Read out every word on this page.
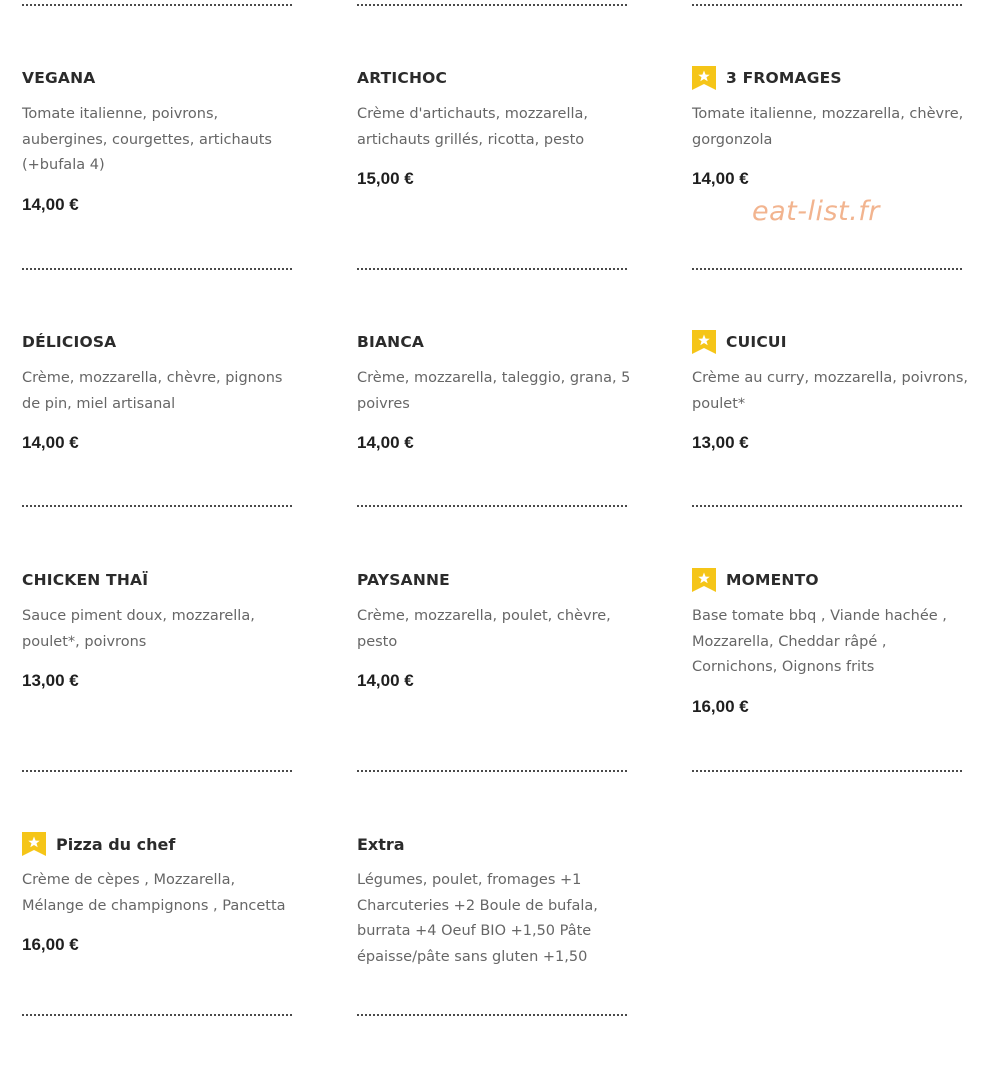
VEGANA
Tomate italienne, poivrons, aubergines, courgettes, artichauts (+bufala 4)
14,00 €
ARTICHOC
Crème d'artichauts, mozzarella, artichauts grillés, ricotta, pesto
15,00 €
3 FROMAGES
Tomate italienne, mozzarella, chèvre, gorgonzola
14,00 €
DÉLICIOSA
Crème, mozzarella, chèvre, pignons de pin, miel artisanal
14,00 €
BIANCA
Crème, mozzarella, taleggio, grana, 5 poivres
14,00 €
CUICUI
Crème au curry, mozzarella, poivrons, poulet*
13,00 €
CHICKEN THAÏ
Sauce piment doux, mozzarella, poulet*, poivrons
13,00 €
PAYSANNE
Crème, mozzarella, poulet, chèvre, pesto
14,00 €
MOMENTO
Base tomate bbq , Viande hachée , Mozzarella, Cheddar râpé , Cornichons, Oignons frits
16,00 €
Pizza du chef
Crème de cèpes , Mozzarella, Mélange de champignons , Pancetta
16,00 €
Extra
Légumes, poulet, fromages +1 Charcuteries +2 Boule de bufala, burrata +4 Oeuf BIO +1,50 Pâte épaisse/pâte sans gluten +1,50
eat-list.fr
